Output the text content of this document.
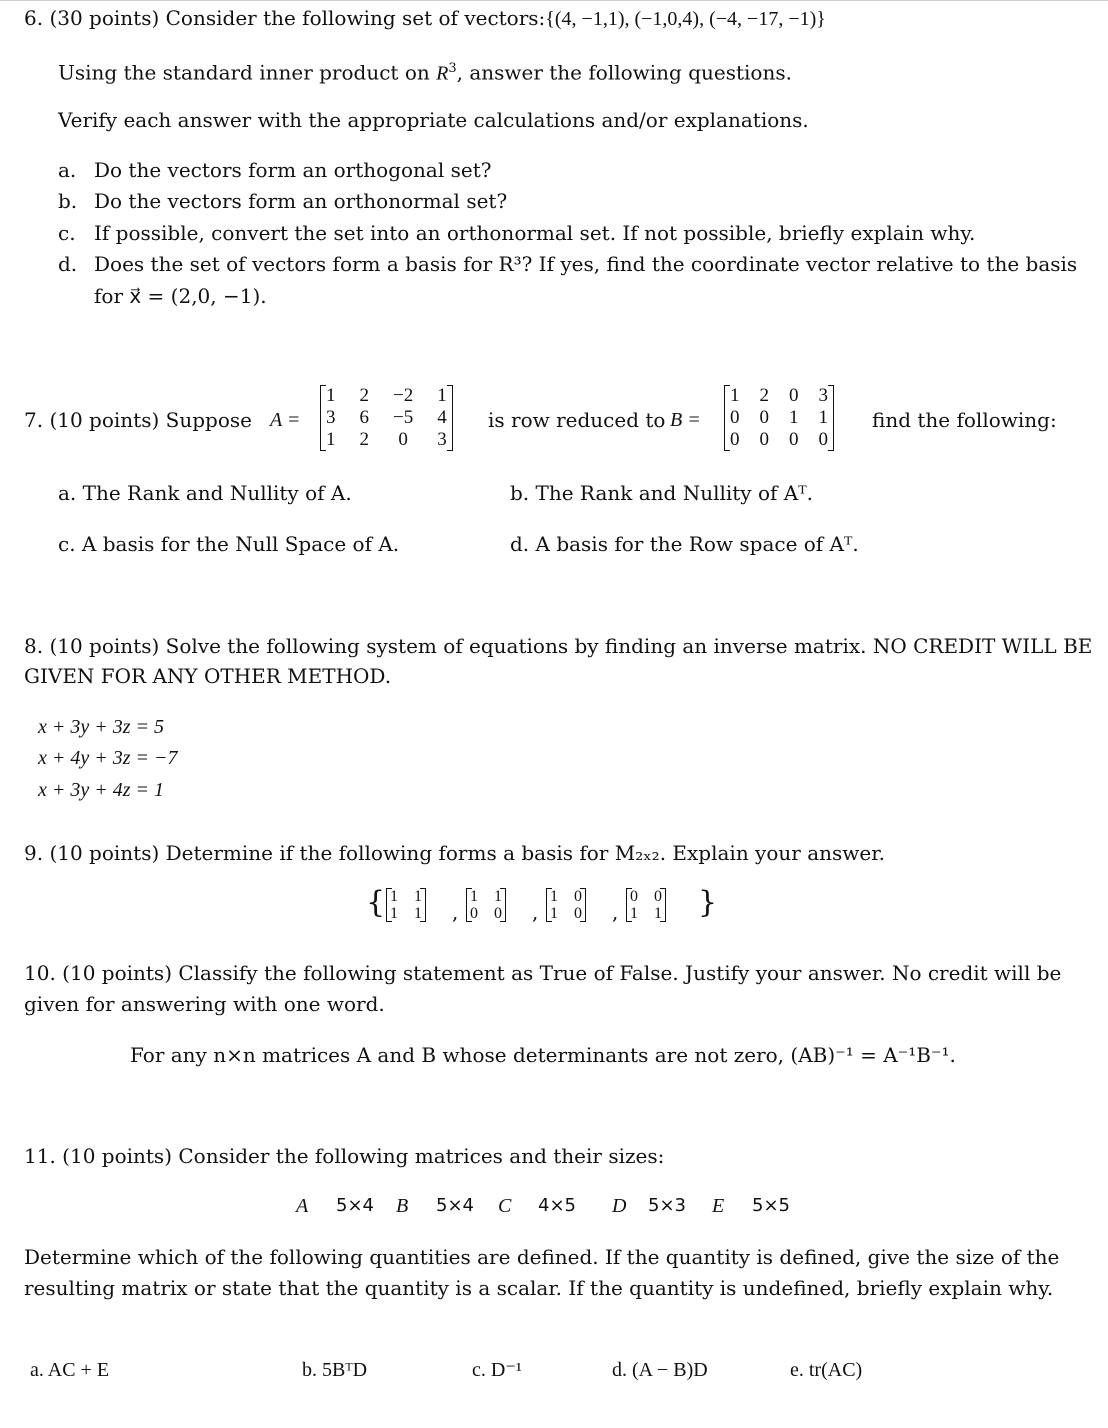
6. (30 points) Consider the following set of vectors:{(4, −1,1), (−1,0,4), (−4, −17, −1)}
Using the standard inner product on $R^3$, answer the following questions.
Verify each answer with the appropriate calculations and/or explanations.
a. Do the vectors form an orthogonal set?
b. Do the vectors form an orthonormal set?
c. If possible, convert the set into an orthonormal set. If not possible, briefly explain why.
d. Does the set of vectors form a basis for R³? If yes, find the coordinate vector relative to the basis
for x⃗ = (2,0, −1).
7. (10 points) Suppose A =
1	2	−2	1
3	6	−5	4
1	2	0	3
is row reduced to B =
1	2	0	3
0	0	1	1
0	0	0	0
find the following:
a. The Rank and Nullity of A.	b. The Rank and Nullity of Aᵀ.
c. A basis for the Null Space of A.	d. A basis for the Row space of Aᵀ.
8. (10 points) Solve the following system of equations by finding an inverse matrix. NO CREDIT WILL BE
GIVEN FOR ANY OTHER METHOD.
x + 3y + 3z = 5
x + 4y + 3z = −7
x + 3y + 4z = 1
9. (10 points) Determine if the following forms a basis for M₂ₓ₂. Explain your answer.
{ 1	1
1	1 ,
1	1
0	0 ,
1	0
1	0 ,
0	0
1	1 }
10. (10 points) Classify the following statement as True of False. Justify your answer. No credit will be
given for answering with one word.
For any n×n matrices A and B whose determinants are not zero, (AB)⁻¹ = A⁻¹B⁻¹.
11. (10 points) Consider the following matrices and their sizes:
A 5×4 B 5×4 C 4×5 D 5×3 E 5×5
Determine which of the following quantities are defined. If the quantity is defined, give the size of the
resulting matrix or state that the quantity is a scalar. If the quantity is undefined, briefly explain why.
a. AC + E	b. 5BᵀD	c. D⁻¹	d. (A − B)D	e. tr(AC)
